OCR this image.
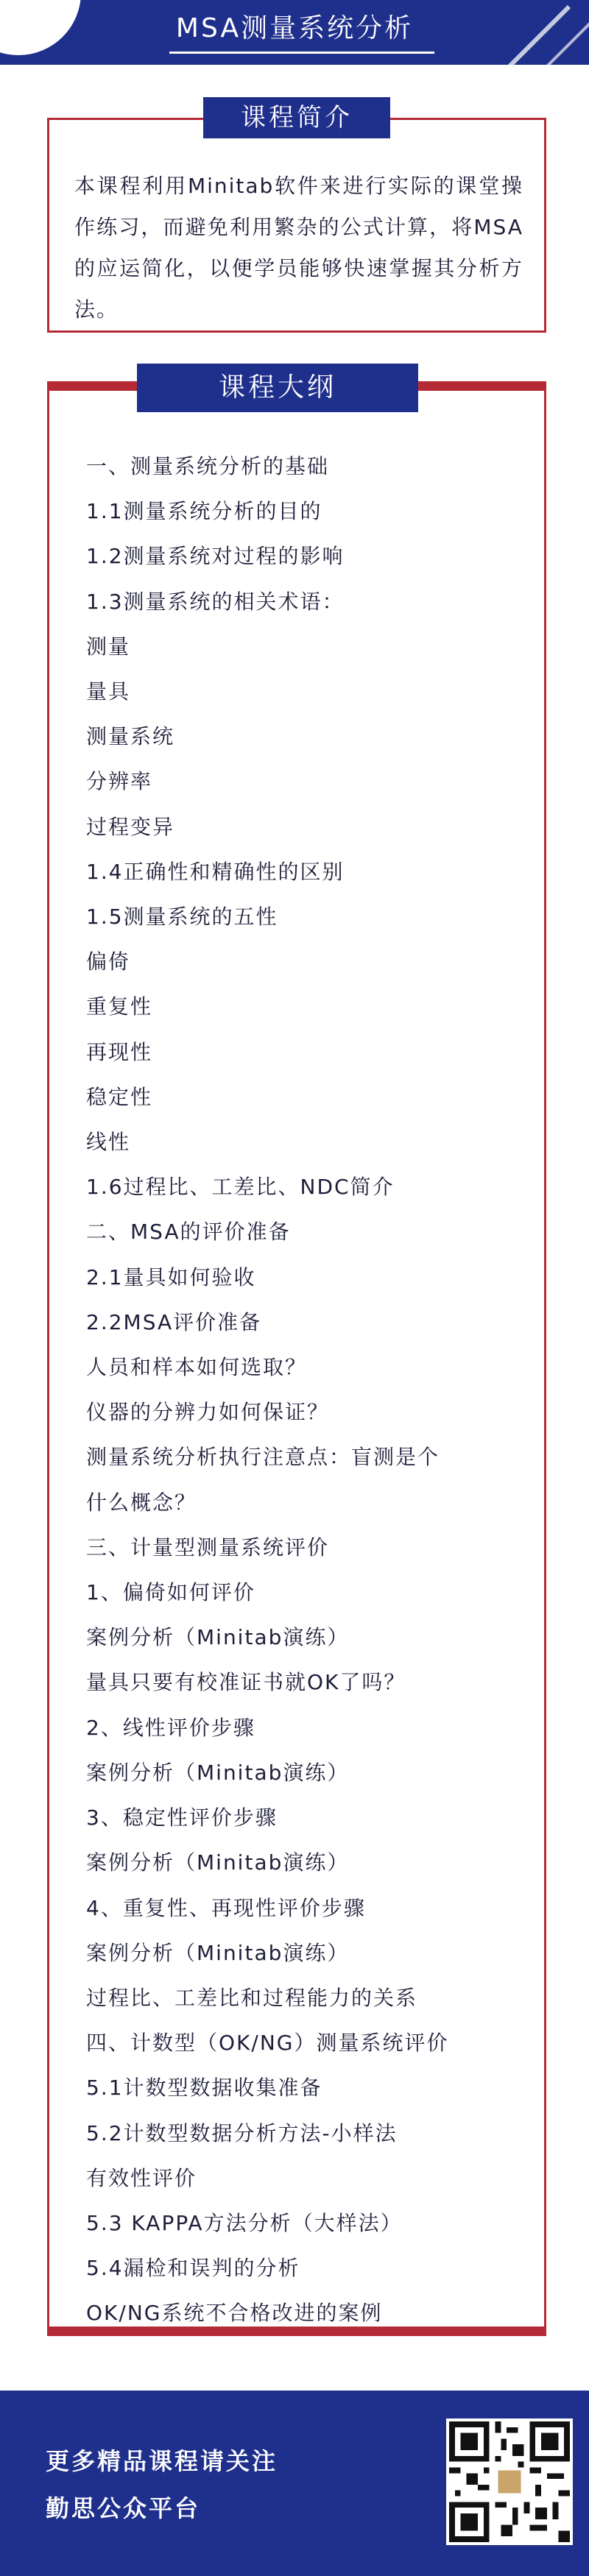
MSA测量系统分析
本课程利用Minitab软件来进行实际的课堂操作练习，而避免利用繁杂的公式计算，将MSA的应运简化，以便学员能够快速掌握其分析方法。
课程简介
一、测量系统分析的基础
1.1测量系统分析的目的
1.2测量系统对过程的影响
1.3测量系统的相关术语：
测量
量具
测量系统
分辨率
过程变异
1.4正确性和精确性的区别
1.5测量系统的五性
偏倚
重复性
再现性
稳定性
线性
1.6过程比、工差比、NDC简介
二、MSA的评价准备
2.1量具如何验收
2.2MSA评价准备
人员和样本如何选取？
仪器的分辨力如何保证？
测量系统分析执行注意点：盲测是个
什么概念？
三、计量型测量系统评价
1、偏倚如何评价
案例分析（Minitab演练）
量具只要有校准证书就OK了吗？
2、线性评价步骤
案例分析（Minitab演练）
3、稳定性评价步骤
案例分析（Minitab演练）
4、重复性、再现性评价步骤
案例分析（Minitab演练）
过程比、工差比和过程能力的关系
四、计数型（OK/NG）测量系统评价
5.1计数型数据收集准备
5.2计数型数据分析方法-小样法
有效性评价
5.3 KAPPA方法分析（大样法）
5.4漏检和误判的分析
OK/NG系统不合格改进的案例
课程大纲
更多精品课程请关注
勤思公众平台
